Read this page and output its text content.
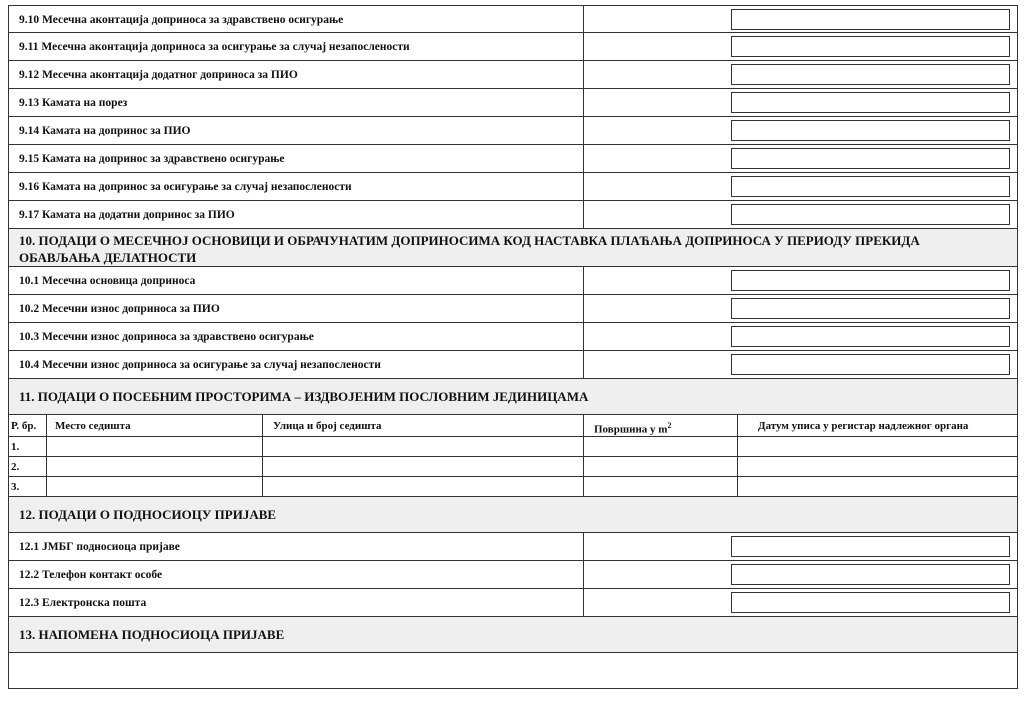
9.10 Месечна аконтација доприноса за здравствено осигурање
9.11 Месечна аконтација доприноса за осигурање за случај незапослености
9.12 Месечна аконтација додатног доприноса за ПИО
9.13 Камата на порез
9.14 Камата на допринос за ПИО
9.15 Камата на допринос за здравствено осигурање
9.16 Камата на допринос за осигурање за случај незапослености
9.17 Камата на додатни допринос за ПИО
10. ПОДАЦИ О МЕСЕЧНОЈ ОСНОВИЦИ И ОБРАЧУНАТИМ ДОПРИНОСИМА КОД НАСТАВКА ПЛАЋАЊА ДОПРИНОСА У ПЕРИОДУ ПРЕКИДА ОБАВЉАЊА ДЕЛАТНОСТИ
10.1 Месечна основица доприноса
10.2 Месечни износ доприноса за ПИО
10.3 Месечни износ доприноса за здравствено осигурање
10.4 Месечни износ доприноса за осигурање за случај незапослености
11. ПОДАЦИ О ПОСЕБНИМ ПРОСТОРИМА – ИЗДВОЈЕНИМ ПОСЛОВНИМ ЈЕДИНИЦАМА
Р. бр.	Место седишта	Улица и број седишта	Површина у $m^2$	Датум уписа у регистар надлежног органа
1.
2.
3.
12. ПОДАЦИ О ПОДНОСИОЦУ ПРИЈАВЕ
12.1 ЈМБГ подносиоца пријаве
12.2 Телефон контакт особе
12.3 Електронска пошта
13. НАПОМЕНА ПОДНОСИОЦА ПРИЈАВЕ
